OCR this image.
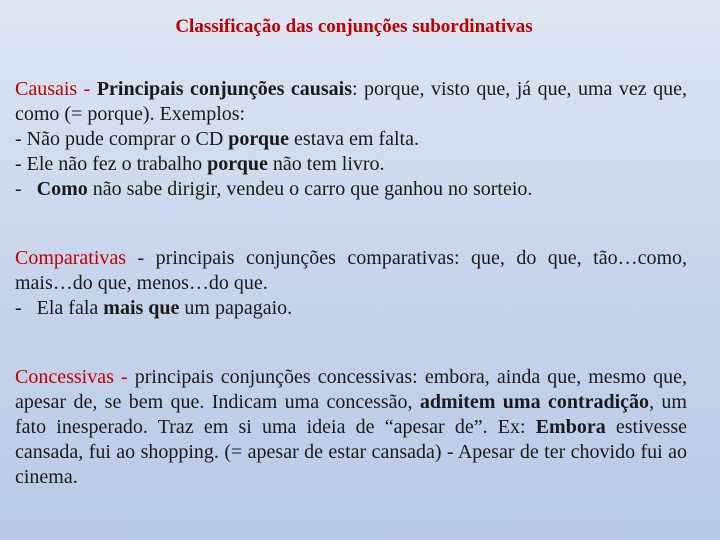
Classificação das conjunções subordinativas
Causais - Principais conjunções causais: porque, visto que, já que, uma vez que, como (= porque). Exemplos:
- Não pude comprar o CD porque estava em falta.
- Ele não fez o trabalho porque não tem livro.
-   Como não sabe dirigir, vendeu o carro que ganhou no sorteio.
Comparativas - principais conjunções comparativas: que, do que, tão…como, mais…do que, menos…do que.
-   Ela fala mais que um papagaio.
Concessivas - principais conjunções concessivas: embora, ainda que, mesmo que, apesar de, se bem que. Indicam uma concessão, admitem uma contradição, um fato inesperado. Traz em si uma ideia de “apesar de”. Ex: Embora estivesse cansada, fui ao shopping. (= apesar de estar cansada) - Apesar de ter chovido fui ao cinema.
